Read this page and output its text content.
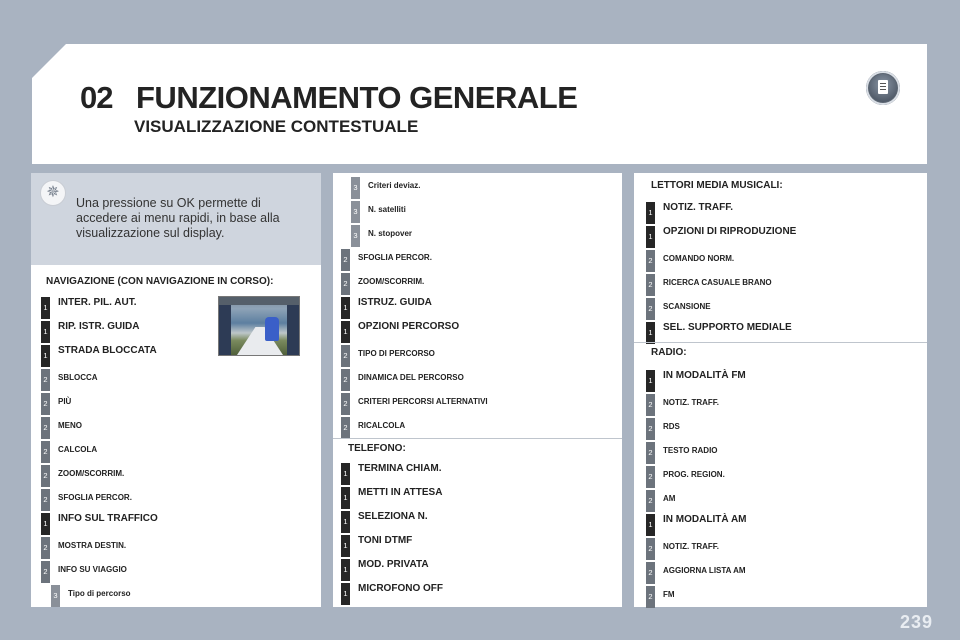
02 FUNZIONAMENTO GENERALE
VISUALIZZAZIONE CONTESTUALE
✵
Una pressione su OK permette di accedere ai menu rapidi, in base alla visualizzazione sul display.
NAVIGAZIONE (CON NAVIGAZIONE IN CORSO):
1 INTER. PIL. AUT.
1 RIP. ISTR. GUIDA
1 STRADA BLOCCATA
2	SBLOCCA
2	PIÙ
2	MENO
2	CALCOLA
2	ZOOM/SCORRIM.
2	SFOGLIA PERCOR.
1 INFO SUL TRAFFICO
2	MOSTRA DESTIN.
2	INFO SU VIAGGIO
3	Tipo di percorso
3	Criteri deviaz.
3	N. satelliti
3	N. stopover
2	SFOGLIA PERCOR.
2	ZOOM/SCORRIM.
1 ISTRUZ. GUIDA
1 OPZIONI PERCORSO
2	TIPO DI PERCORSO
2	DINAMICA DEL PERCORSO
2	CRITERI PERCORSI ALTERNATIVI
2	RICALCOLA
TELEFONO:
1 TERMINA CHIAM.
1 METTI IN ATTESA
1 SELEZIONA N.
1 TONI DTMF
1 MOD. PRIVATA
1 MICROFONO OFF
LETTORI MEDIA MUSICALI:
1 NOTIZ. TRAFF.
1 OPZIONI DI RIPRODUZIONE
2	COMANDO NORM.
2	RICERCA CASUALE BRANO
2	SCANSIONE
1 SEL. SUPPORTO MEDIALE
RADIO:
1 IN MODALITÀ FM
2	NOTIZ. TRAFF.
2	RDS
2	TESTO RADIO
2	PROG. REGION.
2	AM
1 IN MODALITÀ AM
2	NOTIZ. TRAFF.
2	AGGIORNA LISTA AM
2	FM
239
